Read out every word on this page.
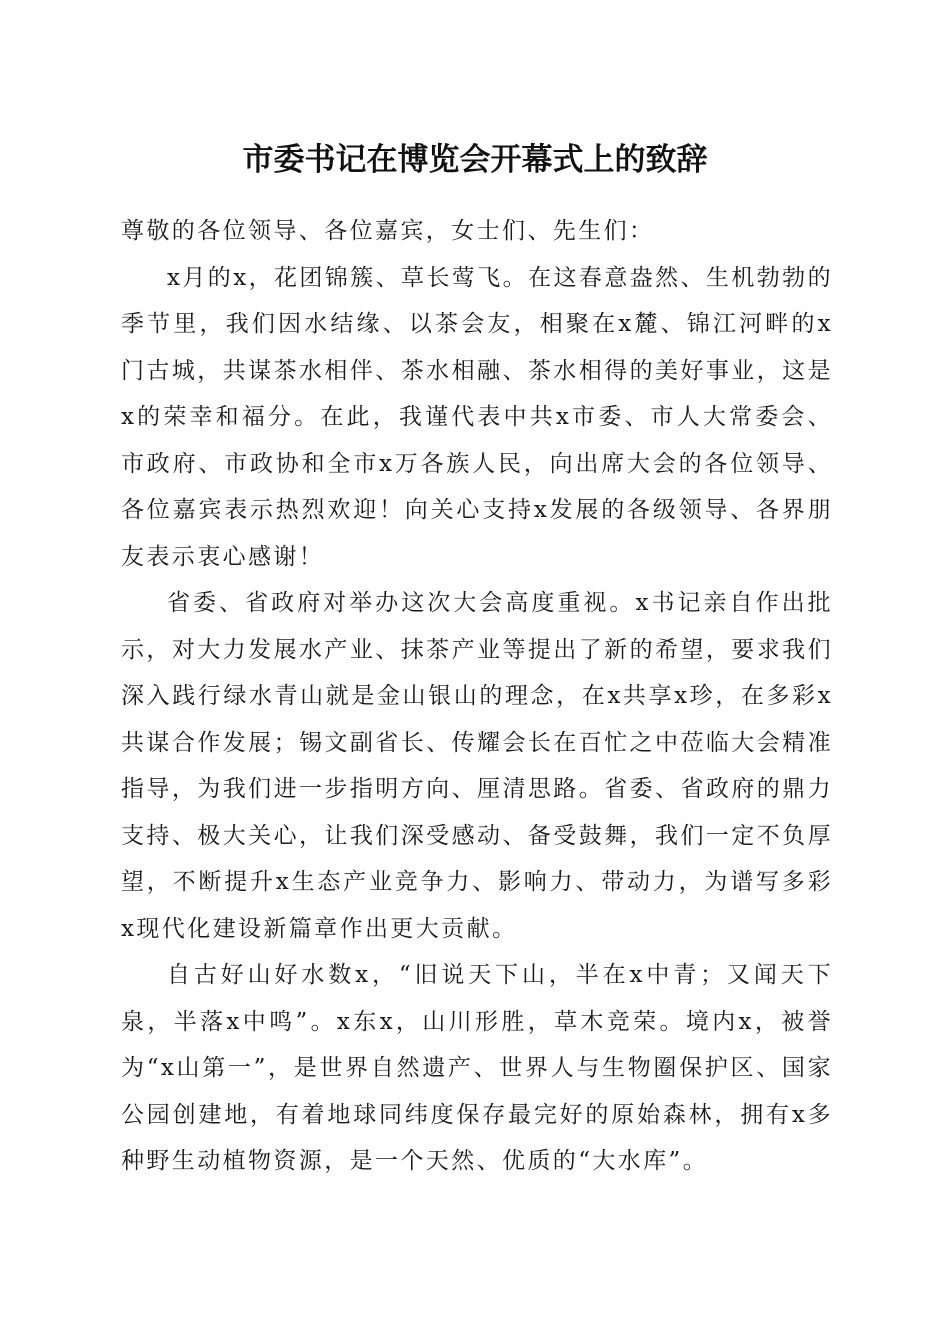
市委书记在博览会开幕式上的致辞

尊敬的各位领导、各位嘉宾，女士们、先生们：

x月的x，花团锦簇、草长莺飞。在这春意盎然、生机勃勃的季节里，我们因水结缘、以茶会友，相聚在x麓、锦江河畔的x门古城，共谋茶水相伴、茶水相融、茶水相得的美好事业，这是x的荣幸和福分。在此，我谨代表中共x市委、市人大常委会、市政府、市政协和全市x万各族人民，向出席大会的各位领导、各位嘉宾表示热烈欢迎！向关心支持x发展的各级领导、各界朋友表示衷心感谢！

省委、省政府对举办这次大会高度重视。x书记亲自作出批示，对大力发展水产业、抹茶产业等提出了新的希望，要求我们深入践行绿水青山就是金山银山的理念，在x共享x珍，在多彩x共谋合作发展；锡文副省长、传耀会长在百忙之中莅临大会精准指导，为我们进一步指明方向、厘清思路。省委、省政府的鼎力支持、极大关心，让我们深受感动、备受鼓舞，我们一定不负厚望，不断提升x生态产业竞争力、影响力、带动力，为谱写多彩x现代化建设新篇章作出更大贡献。

自古好山好水数x，“旧说天下山，半在x中青；又闻天下泉，半落x中鸣”。x东x，山川形胜，草木竞荣。境内x，被誉为“x山第一”，是世界自然遗产、世界人与生物圈保护区、国家公园创建地，有着地球同纬度保存最完好的原始森林，拥有x多种野生动植物资源，是一个天然、优质的“大水库”。
